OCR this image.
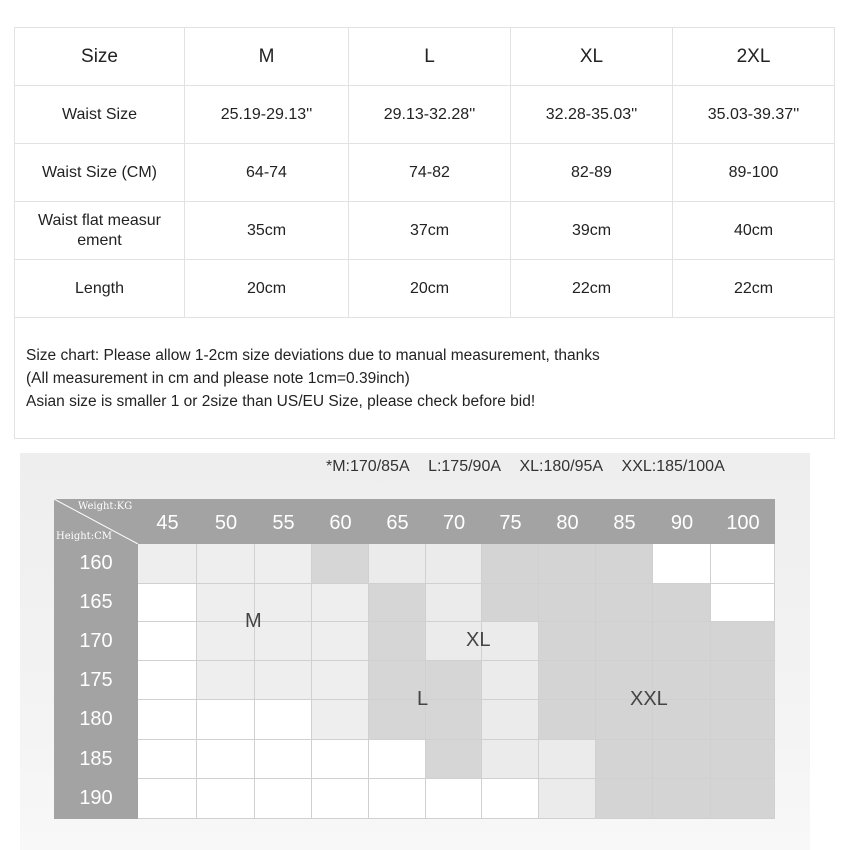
Size	M	L	XL	2XL
Waist Size	25.19-29.13''	29.13-32.28''	32.28-35.03''	35.03-39.37''
Waist Size (CM)	64-74	74-82	82-89	89-100

Waist flat measur
ement	35cm	37cm	39cm	40cm
Length	20cm	20cm	22cm	22cm

Size chart: Please allow 1-2cm size deviations due to manual measurement, thanks
(All measurement in cm and please note 1cm=0.39inch)
Asian size is smaller 1 or 2size than US/EU Size, please check before bid!				
*M:170/85A L:175/90A XL:180/95A XXL:185/100A
Weight:KG
Height:CM
45	50	55	60	65	70	75	80	85	90	100
160
165
170
175
180
185
190
M
XL
L	XXL
